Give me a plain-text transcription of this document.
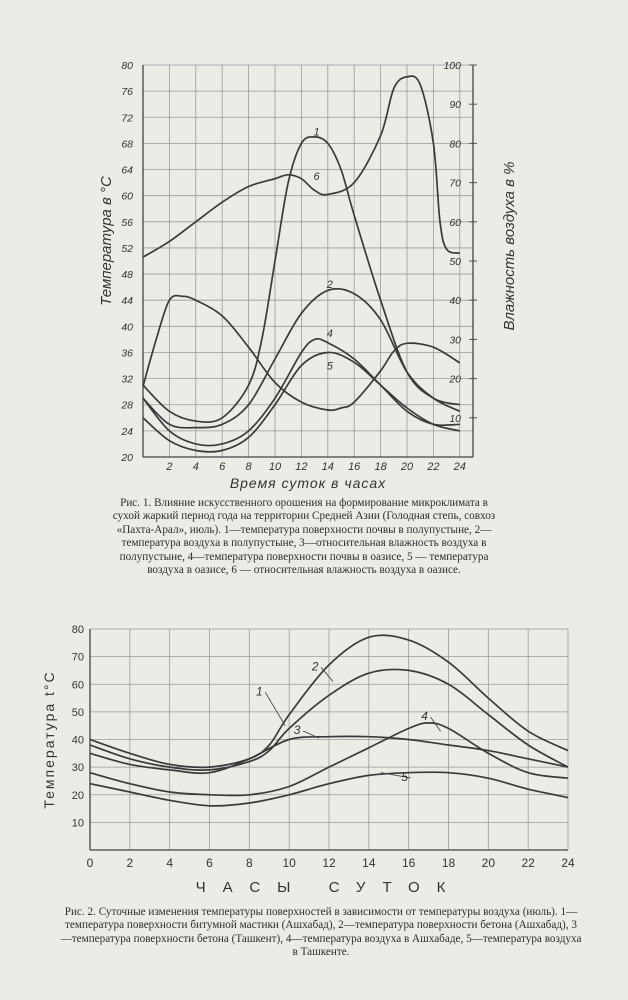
2 4 6 8 10 12 14 16 18 20 22 24
20
24
28
32
36
40
44
48
52
56
60
64
68
72
76
80
10
20
30
40
50
60
70
80
90
100
Время суток в часах
Температура в °С	Влажность воздуха в %
1
2
4
5
6
Рис. 1. Влияние искусственного орошения на формирование микроклимата в сухой жаркий период года на территории Средней Азии (Голодная степь, совхоз «Пахта-Арал», июль). 1—температура поверхности почвы в полупустыне, 2—температура воздуха в полупустыне, 3—относительная влажность воздуха в полупустыне, 4—температура поверхности почвы в оазисе, 5 — температура воздуха в оазисе, 6 — относительная влажность воздуха в оазисе.
0	2	4	6	8 10 12 14 16 18 20 22 24
10
20
30
40
50
60
70
80
ЧАСЫ СУТОК
Температура t°С	1
2
3
4
5
Рис. 2. Суточные изменения температуры поверхностей в зависимости от температуры воздуха (июль). 1—температура поверхности битумной мастики (Ашхабад), 2—температура поверхности бетона (Ашхабад), 3—температура поверхности бетона (Ташкент), 4—температура воздуха в Ашхабаде, 5—температура воздуха в Ташкенте.
